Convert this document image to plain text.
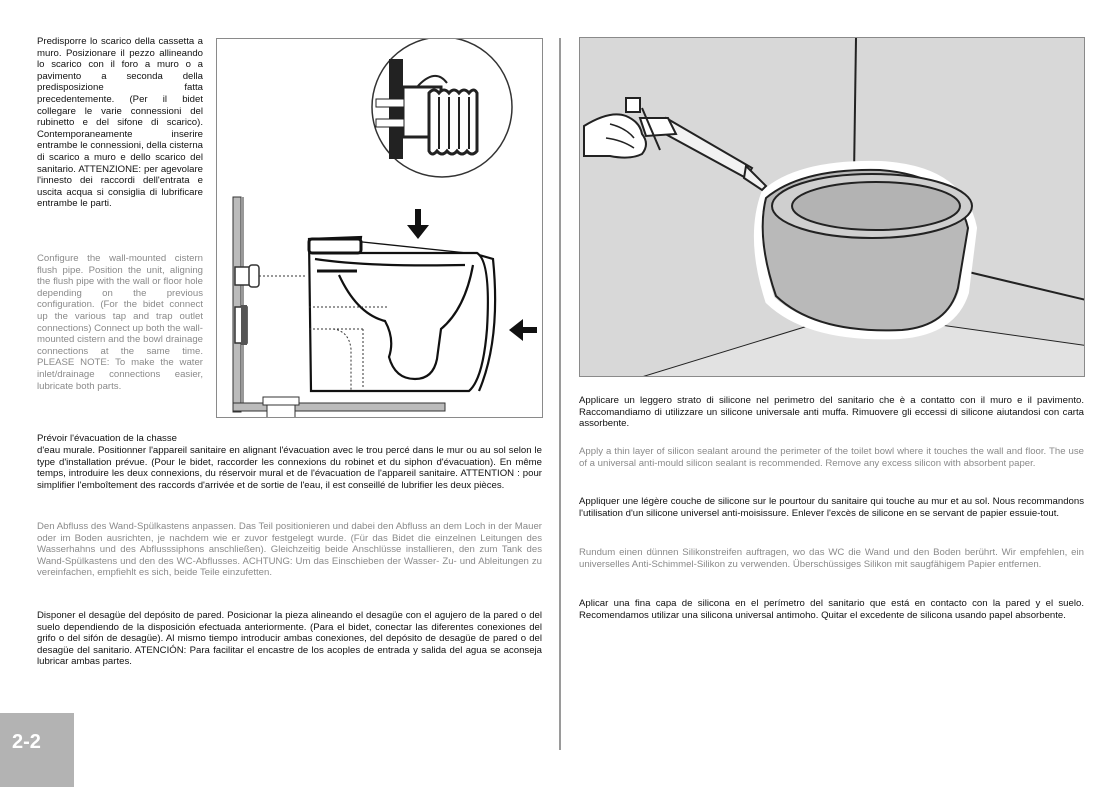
Predisporre lo scarico della cassetta a muro. Posizionare il pezzo allineando lo scarico con il foro a muro o a pavimento a seconda della predisposizione fatta precedentemente. (Per il bidet collegare le varie connessioni del rubinetto e del sifone di scarico). Contemporaneamente inserire entrambe le connessioni, della cisterna di scarico a muro e dello scarico del sanitario. ATTENZIONE: per agevolare l'innesto dei raccordi dell'entrata e uscita acqua si consiglia di lubrificare entrambe le parti.

Configure the wall-mounted cistern flush pipe. Position the unit, aligning the flush pipe with the wall or floor hole depending on the previous configuration. (For the bidet connect up the various tap and trap outlet connections) Connect up both the wall-mounted cistern and the bowl drainage connections at the same time. PLEASE NOTE: To make the water inlet/drainage connections easier, lubricate both parts.

Prévoir l'évacuation de la chasse

d'eau murale. Positionner l'appareil sanitaire en alignant l'évacuation avec le trou percé dans le mur ou au sol selon le type d'installation prévue. (Pour le bidet, raccorder les connexions du robinet et du siphon d'évacuation). En même temps, introduire les deux connexions, du réservoir mural et de l'évacuation de l'appareil sanitaire. ATTENTION : pour simplifier l'emboîtement des raccords d'arrivée et de sortie de l'eau, il est conseillé de lubrifier les deux pièces.

Den Abfluss des Wand-Spülkastens anpassen. Das Teil positionieren und dabei den Abfluss an dem Loch in der Mauer oder im Boden ausrichten, je nachdem wie er zuvor festgelegt wurde. (Für das Bidet die einzelnen Leitungen des Wasserhahns und des Abflusssiphons anschließen). Gleichzeitig beide Anschlüsse installieren, den zum Tank des Wand-Spülkastens und den des WC-Abflusses. ACHTUNG: Um das Einschieben der Wasser- Zu- und Ableitungen zu vereinfachen, empfiehlt es sich, beide Teile einzufetten.

Disponer el desagüe del depósito de pared. Posicionar la pieza alineando el desagüe con el agujero de la pared o del suelo dependiendo de la disposición efectuada anteriormente. (Para el bidet, conectar las diferentes conexiones del grifo o del sifón de desagüe). Al mismo tiempo introducir ambas conexiones, del depósito de desagüe de pared o del desagüe del sanitario. ATENCIÓN: Para facilitar el encastre de los acoples de entrada y salida del agua se aconseja lubricar ambas partes.

2-2

Applicare un leggero strato di silicone nel perimetro del sanitario che è a contatto con il muro e il pavimento. Raccomandiamo di utilizzare un silicone universale anti muffa. Rimuovere gli eccessi di silicone aiutandosi con carta assorbente.

Apply a thin layer of silicon sealant around the perimeter of the toilet bowl where it touches the wall and floor. The use of a universal anti-mould silicon sealant is recommended. Remove any excess silicon with absorbent paper.

Appliquer une légère couche de silicone sur le pourtour du sanitaire qui touche au mur et au sol. Nous recommandons l'utilisation d'un silicone universel anti-moisissure. Enlever l'excès de silicone en se servant de papier essuie-tout.

Rundum einen dünnen Silikonstreifen auftragen, wo das WC die Wand und den Boden berührt. Wir empfehlen, ein universelles Anti-Schimmel-Silikon zu verwenden. Überschüssiges Silikon mit saugfähigem Papier entfernen.

Aplicar una fina capa de silicona en el perímetro del sanitario que está en contacto con la pared y el suelo. Recomendamos utilizar una silicona universal antimoho. Quitar el excedente de silicona usando papel absorbente.
